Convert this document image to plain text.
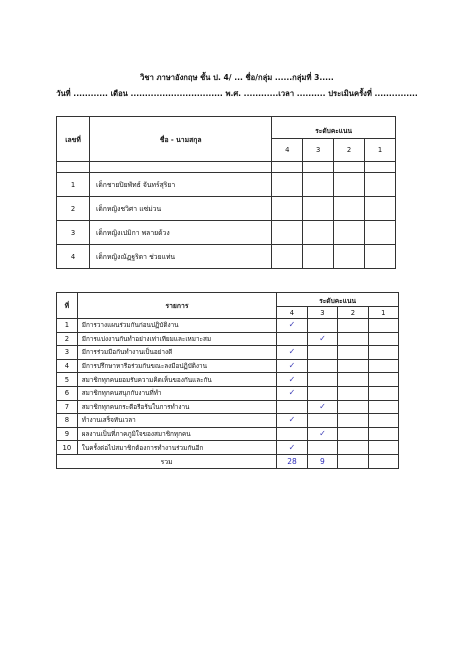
วิชา ภาษาอังกฤษ ชั้น ป. 4/ ... ชื่อ/กลุ่ม ......กลุ่มที่ 3.....
วันที่ ............ เดือน ................................ พ.ศ. ............เวลา .......... ประเมินครั้งที่ ...............
เลขที่	ชื่อ - นามสกุล	ระดับคะแนน			
		4	3	2	1

1	เด็กชายปิยพัทธ์ จันทร์สุริยา				
2	เด็กหญิงชวิศา แซ่ม่วน				
3	เด็กหญิงเปมิกา พลายด้วง				
4	เด็กหญิงณัฏฐริดา ช่วยแท่น				
ที่	รายการ	ระดับคะแนน			
		4	3	2	1
1	มีการวางแผนร่วมกันก่อนปฏิบัติงาน	✓			
2	มีการแบ่งงานกันทำอย่างเท่าเทียมและเหมาะสม		✓		
3	มีการร่วมมือกันทำงานเป็นอย่างดี	✓			
4	มีการปรึกษาหารือร่วมกันขณะลงมือปฏิบัติงาน	✓			
5	สมาชิกทุกคนยอมรับความคิดเห็นของกันและกัน	✓			
6	สมาชิกทุกคนสนุกกับงานที่ทำ	✓			
7	สมาชิกทุกคนกระตือรือร้นในการทำงาน		✓		
8	ทำงานเสร็จทันเวลา	✓			
9	ผลงานเป็นที่ภาคภูมิใจของสมาชิกทุกคน		✓		
10	ในครั้งต่อไปสมาชิกต้องการทำงานร่วมกันอีก	✓			
รวม		28	9		
